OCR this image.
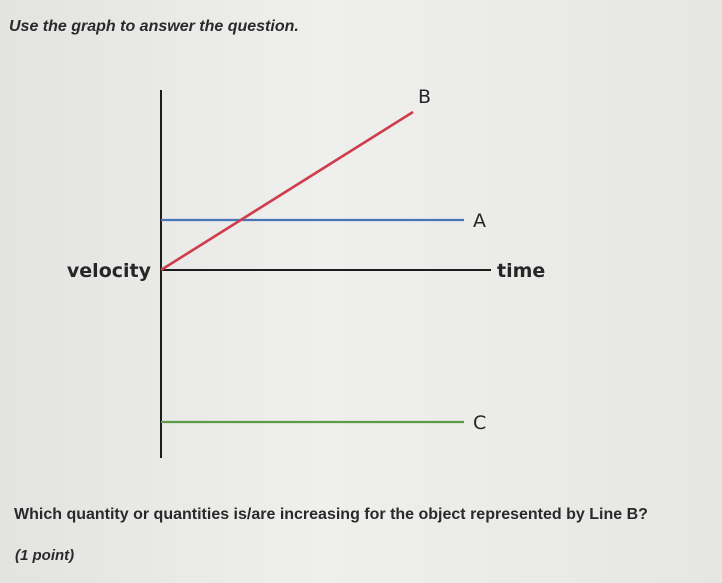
Use the graph to answer the question.
velocity	time
B
A
C
Which quantity or quantities is/are increasing for the object represented by Line B?
(1 point)
